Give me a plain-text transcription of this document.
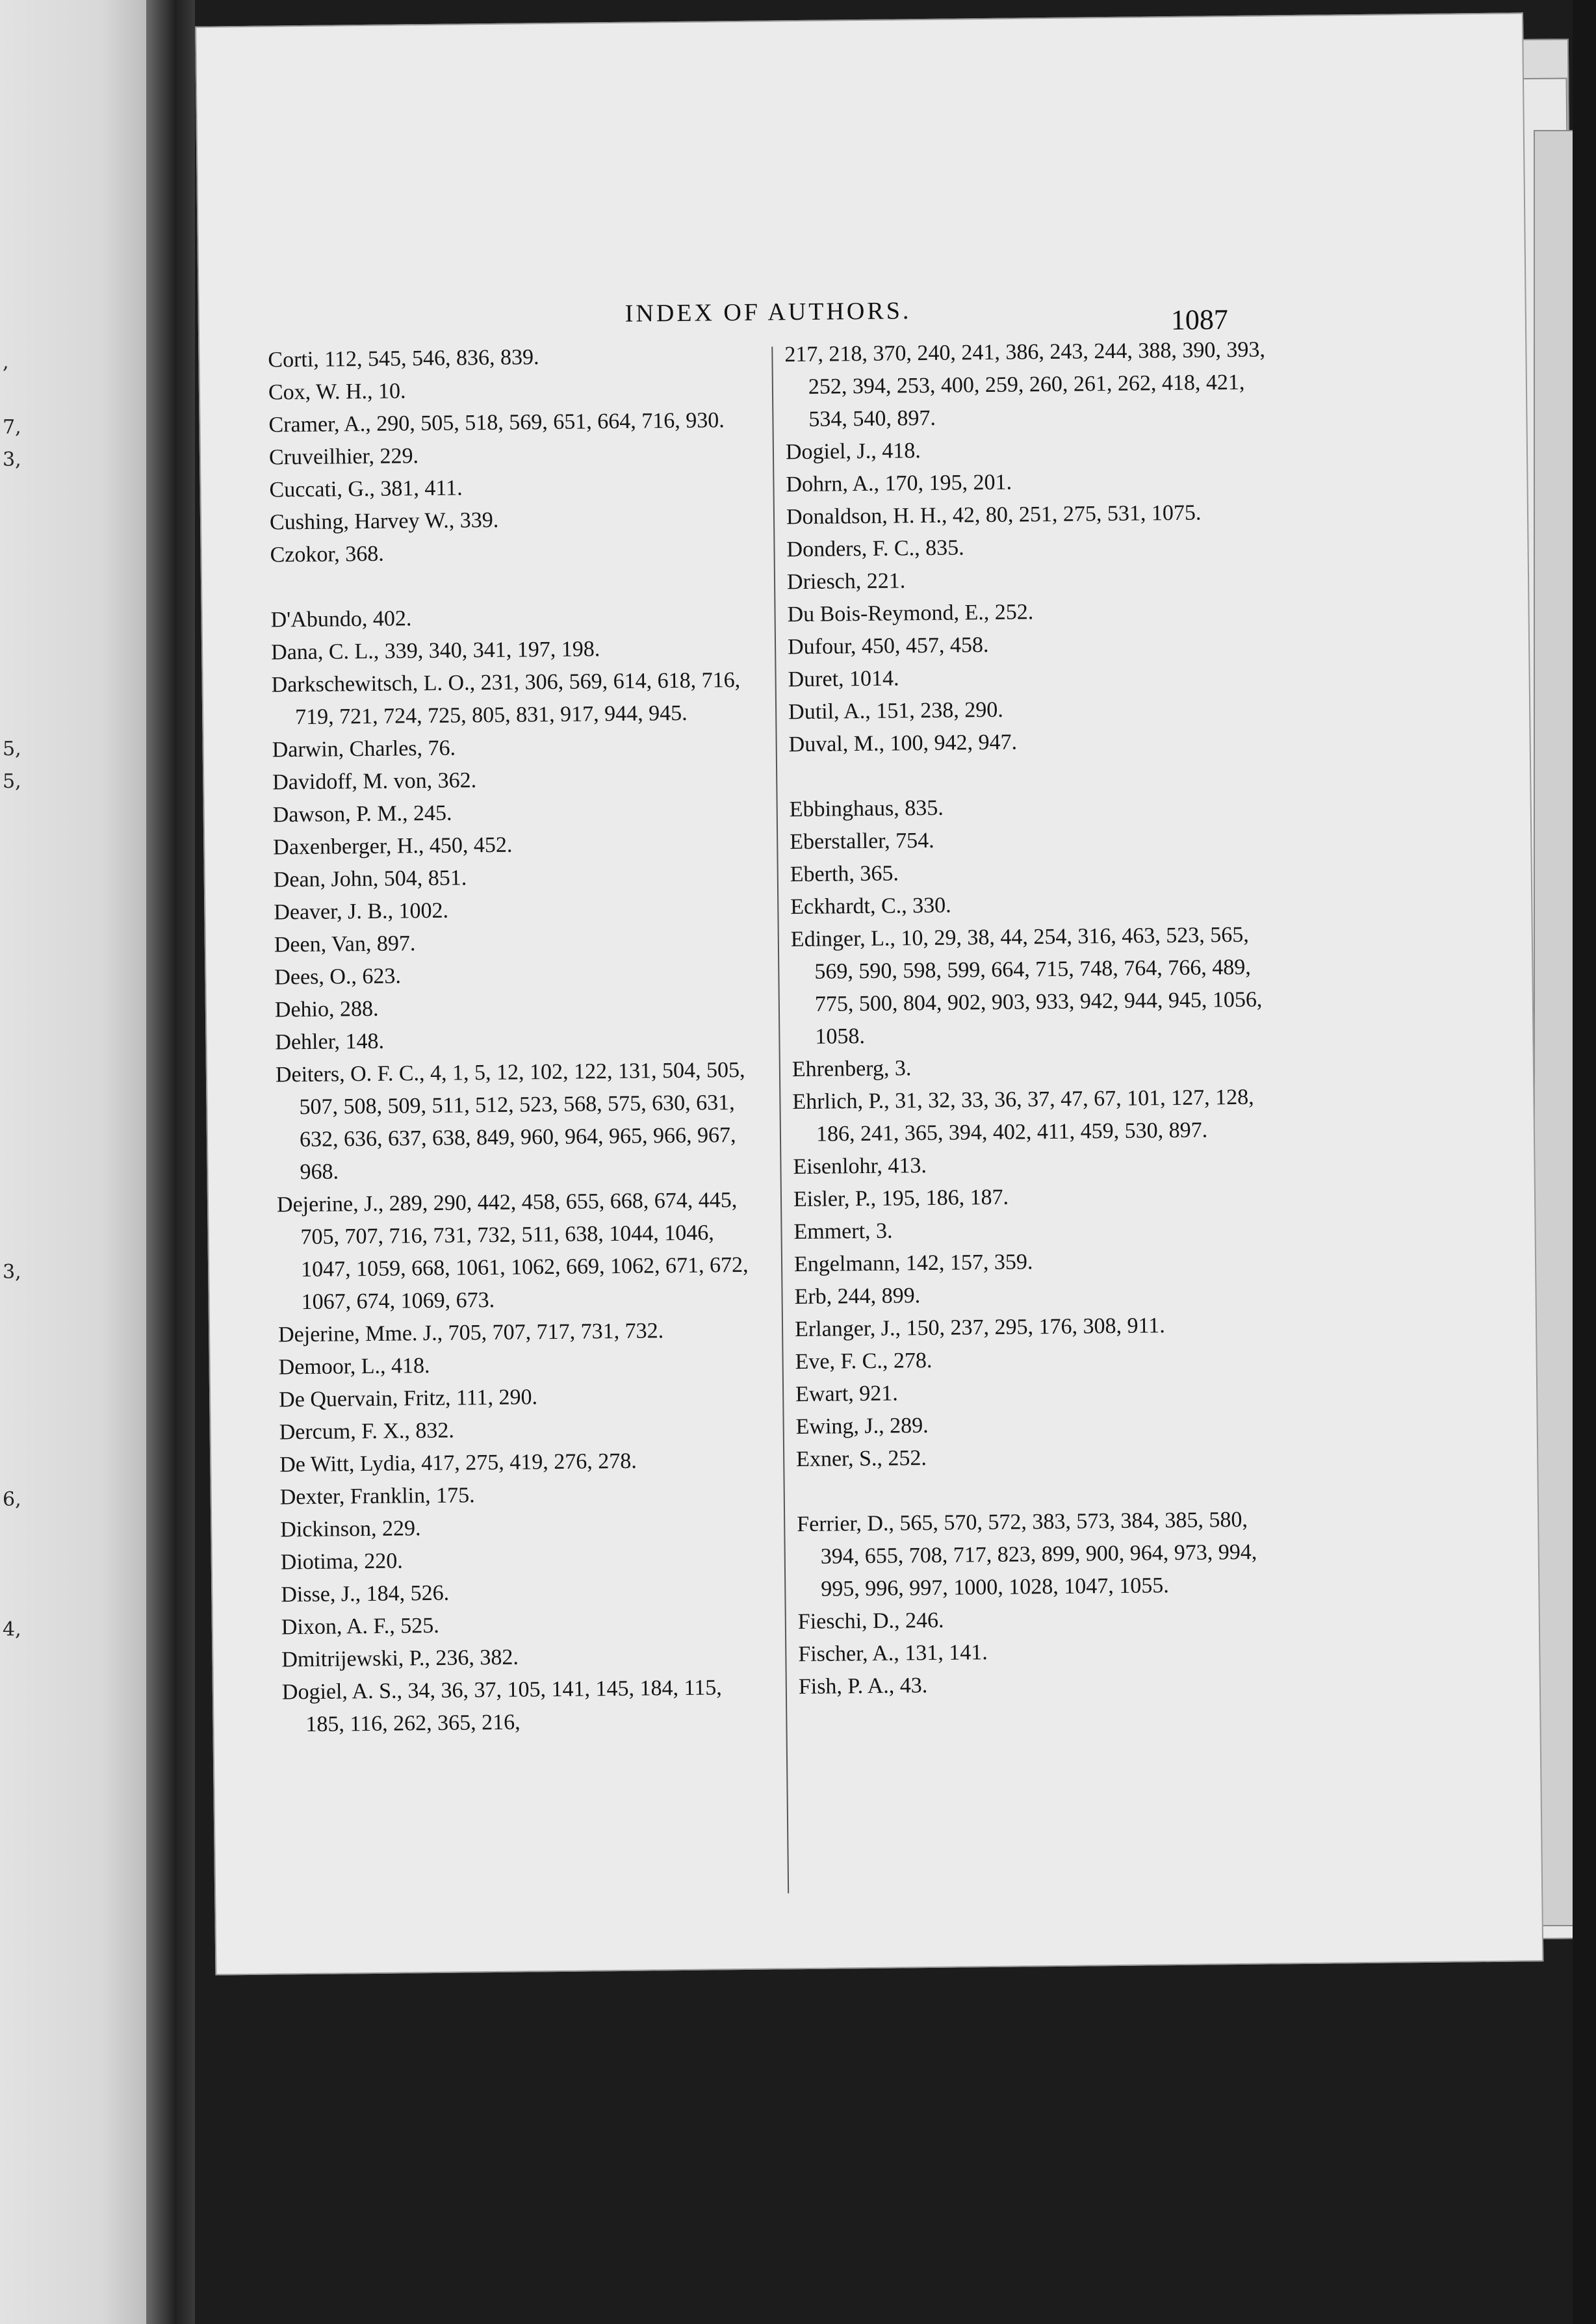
,
7,
3,
5,
5,
3,
6,
4,
INDEX OF AUTHORS.	1087
Corti, 112, 545, 546, 836, 839.
Cox, W. H., 10.
Cramer, A., 290, 505, 518, 569, 651, 664, 716, 930.
Cruveilhier, 229.
Cuccati, G., 381, 411.
Cushing, Harvey W., 339.
Czokor, 368.
D'Abundo, 402.
Dana, C. L., 339, 340, 341, 197, 198.
Darkschewitsch, L. O., 231, 306, 569, 614, 618, 716, 719, 721, 724, 725, 805, 831, 917, 944, 945.
Darwin, Charles, 76.
Davidoff, M. von, 362.
Dawson, P. M., 245.
Daxenberger, H., 450, 452.
Dean, John, 504, 851.
Deaver, J. B., 1002.
Deen, Van, 897.
Dees, O., 623.
Dehio, 288.
Dehler, 148.
Deiters, O. F. C., 4, 1, 5, 12, 102, 122, 131, 504, 505, 507, 508, 509, 511, 512, 523, 568, 575, 630, 631, 632, 636, 637, 638, 849, 960, 964, 965, 966, 967, 968.
Dejerine, J., 289, 290, 442, 458, 655, 668, 674, 445, 705, 707, 716, 731, 732, 511, 638, 1044, 1046, 1047, 1059, 668, 1061, 1062, 669, 1062, 671, 672, 1067, 674, 1069, 673.
Dejerine, Mme. J., 705, 707, 717, 731, 732.
Demoor, L., 418.
De Quervain, Fritz, 111, 290.
Dercum, F. X., 832.
De Witt, Lydia, 417, 275, 419, 276, 278.
Dexter, Franklin, 175.
Dickinson, 229.
Diotima, 220.
Disse, J., 184, 526.
Dixon, A. F., 525.
Dmitrijewski, P., 236, 382.
Dogiel, A. S., 34, 36, 37, 105, 141, 145, 184, 115, 185, 116, 262, 365, 216,
217, 218, 370, 240, 241, 386, 243, 244, 388, 390, 393, 252, 394, 253, 400, 259, 260, 261, 262, 418, 421, 534, 540, 897.
Dogiel, J., 418.
Dohrn, A., 170, 195, 201.
Donaldson, H. H., 42, 80, 251, 275, 531, 1075.
Donders, F. C., 835.
Driesch, 221.
Du Bois-Reymond, E., 252.
Dufour, 450, 457, 458.
Duret, 1014.
Dutil, A., 151, 238, 290.
Duval, M., 100, 942, 947.
Ebbinghaus, 835.
Eberstaller, 754.
Eberth, 365.
Eckhardt, C., 330.
Edinger, L., 10, 29, 38, 44, 254, 316, 463, 523, 565, 569, 590, 598, 599, 664, 715, 748, 764, 766, 489, 775, 500, 804, 902, 903, 933, 942, 944, 945, 1056, 1058.
Ehrenberg, 3.
Ehrlich, P., 31, 32, 33, 36, 37, 47, 67, 101, 127, 128, 186, 241, 365, 394, 402, 411, 459, 530, 897.
Eisenlohr, 413.
Eisler, P., 195, 186, 187.
Emmert, 3.
Engelmann, 142, 157, 359.
Erb, 244, 899.
Erlanger, J., 150, 237, 295, 176, 308, 911.
Eve, F. C., 278.
Ewart, 921.
Ewing, J., 289.
Exner, S., 252.
Ferrier, D., 565, 570, 572, 383, 573, 384, 385, 580, 394, 655, 708, 717, 823, 899, 900, 964, 973, 994, 995, 996, 997, 1000, 1028, 1047, 1055.
Fieschi, D., 246.
Fischer, A., 131, 141.
Fish, P. A., 43.
